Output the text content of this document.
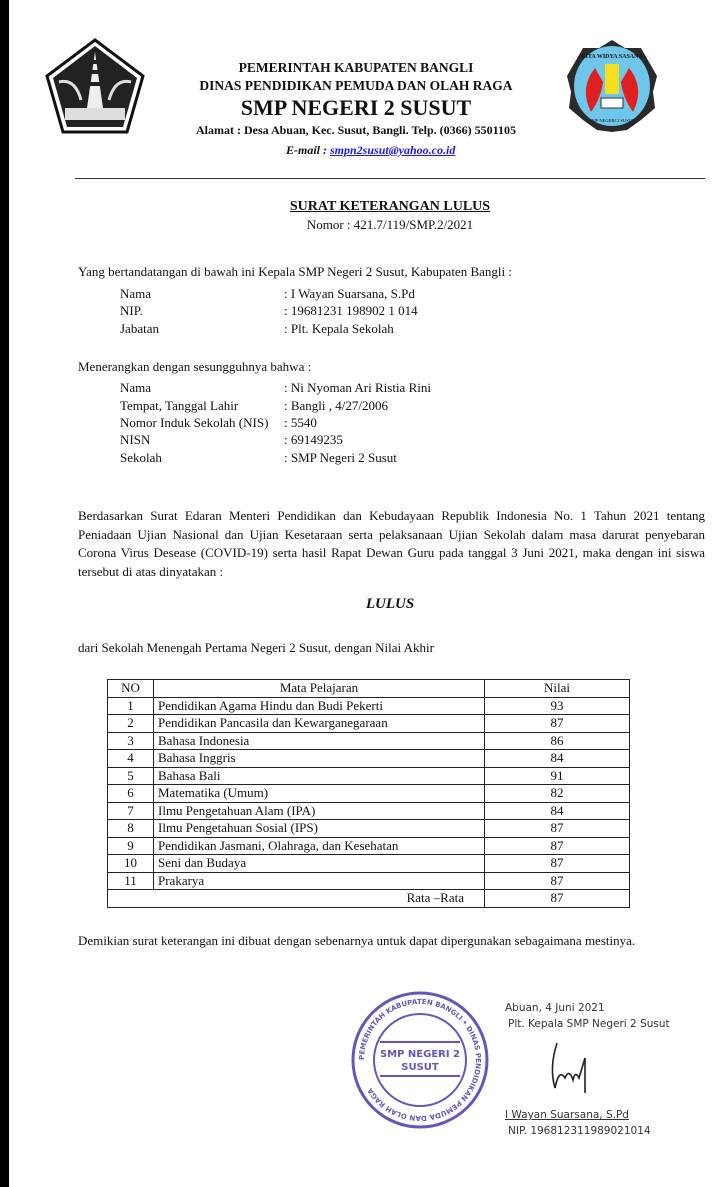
PEMERINTAH KABUPATEN BANGLI
DINAS PENDIDIKAN PEMUDA DAN OLAH RAGA
SMP NEGERI 2 SUSUT
Alamat : Desa Abuan, Kec. Susut, Bangli. Telp. (0366) 5501105
E-mail : smpn2susut@yahoo.co.id
CITA WIDYA SASANA
SMP NEGERI 2 SUSUT
SURAT KETERANGAN LULUS
Nomor : 421.7/119/SMP.2/2021
Yang bertandatangan di bawah ini Kepala SMP Negeri 2 Susut, Kabupaten Bangli :
Nama	: I Wayan Suarsana, S.Pd
NIP.	: 19681231 198902 1 014
Jabatan	: Plt. Kepala Sekolah
Menerangkan dengan sesungguhnya bahwa :
Nama	: Ni Nyoman Ari Ristia Rini
Tempat, Tanggal Lahir	: Bangli , 4/27/2006
Nomor Induk Sekolah (NIS) : 5540
NISN	: 69149235
Sekolah	: SMP Negeri 2 Susut
Berdasarkan Surat Edaran Menteri Pendidikan dan Kebudayaan Republik Indonesia No. 1 Tahun 2021 tentang Peniadaan Ujian Nasional dan Ujian Kesetaraan serta pelaksanaan Ujian Sekolah dalam masa darurat penyebaran Corona Virus Desease (COVID-19) serta hasil Rapat Dewan Guru pada tanggal 3 Juni 2021, maka dengan ini siswa tersebut di atas dinyatakan :
LULUS
dari Sekolah Menengah Pertama Negeri 2 Susut, dengan Nilai Akhir
NO	Mata Pelajaran	Nilai
1	Pendidikan Agama Hindu dan Budi Pekerti	93
2	Pendidikan Pancasila dan Kewarganegaraan	87
3	Bahasa Indonesia	86
4	Bahasa Inggris	84
5	Bahasa Bali	91
6	Matematika (Umum)	82
7	Ilmu Pengetahuan Alam (IPA)	84
8	Ilmu Pengetahuan Sosial (IPS)	87
9	Pendidikan Jasmani, Olahraga, dan Kesehatan	87
10	Seni dan Budaya	87
11	Prakarya	87
Rata –Rata		87
Demikian surat keterangan ini dibuat dengan sebenarnya untuk dapat dipergunakan sebagaimana mestinya.
PEMERINTAH KABUPATEN BANGLI • DINAS PENDIDIKAN PEMUDA DAN OLAH RAGA
SMP NEGERI 2
SUSUT
Abuan, 4 Juni 2021
Plt. Kepala SMP Negeri 2 Susut
I Wayan Suarsana, S.Pd
NIP. 196812311989021014
